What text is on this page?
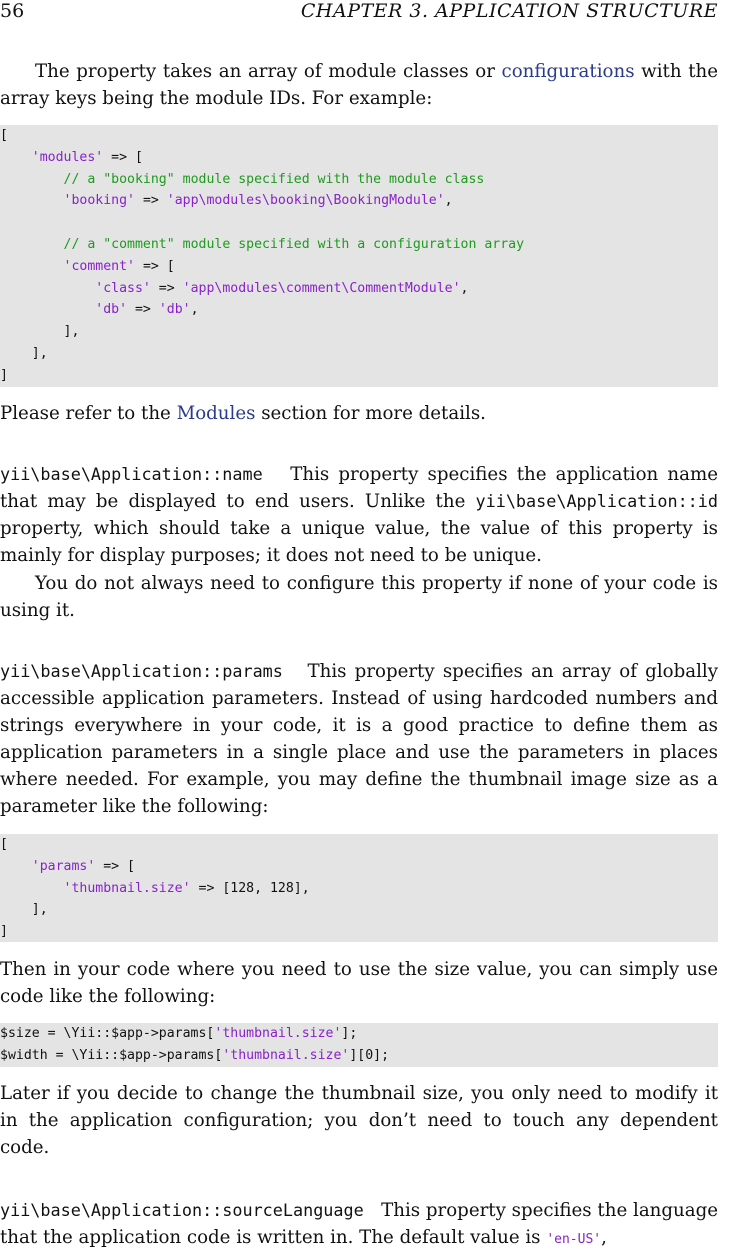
56	CHAPTER 3. APPLICATION STRUCTURE
The property takes an array of module classes or configurations with the array keys being the module IDs. For example:
[
'modules' => [
// a "booking" module specified with the module class
'booking' => 'app\modules\booking\BookingModule',
// a "comment" module specified with a configuration array
'comment' => [
'class' => 'app\modules\comment\CommentModule',
'db' => 'db',
],
],
]
Please refer to the Modules section for more details.
yii\base\Application::name This property specifies the application name that may be displayed to end users. Unlike the yii\base\Application::id property, which should take a unique value, the value of this property is mainly for display purposes; it does not need to be unique.
You do not always need to configure this property if none of your code is using it.
yii\base\Application::params This property specifies an array of globally accessible application parameters. Instead of using hardcoded numbers and strings everywhere in your code, it is a good practice to define them as application parameters in a single place and use the parameters in places where needed. For example, you may define the thumbnail image size as a parameter like the following:
[
'params' => [
'thumbnail.size' => [128, 128],
],
]
Then in your code where you need to use the size value, you can simply use code like the following:
$size = \Yii::$app->params['thumbnail.size'];
$width = \Yii::$app->params['thumbnail.size'][0];
Later if you decide to change the thumbnail size, you only need to modify it in the application configuration; you don’t need to touch any dependent code.
yii\base\Application::sourceLanguage This property specifies the language that the application code is written in. The default value is 'en-US',
